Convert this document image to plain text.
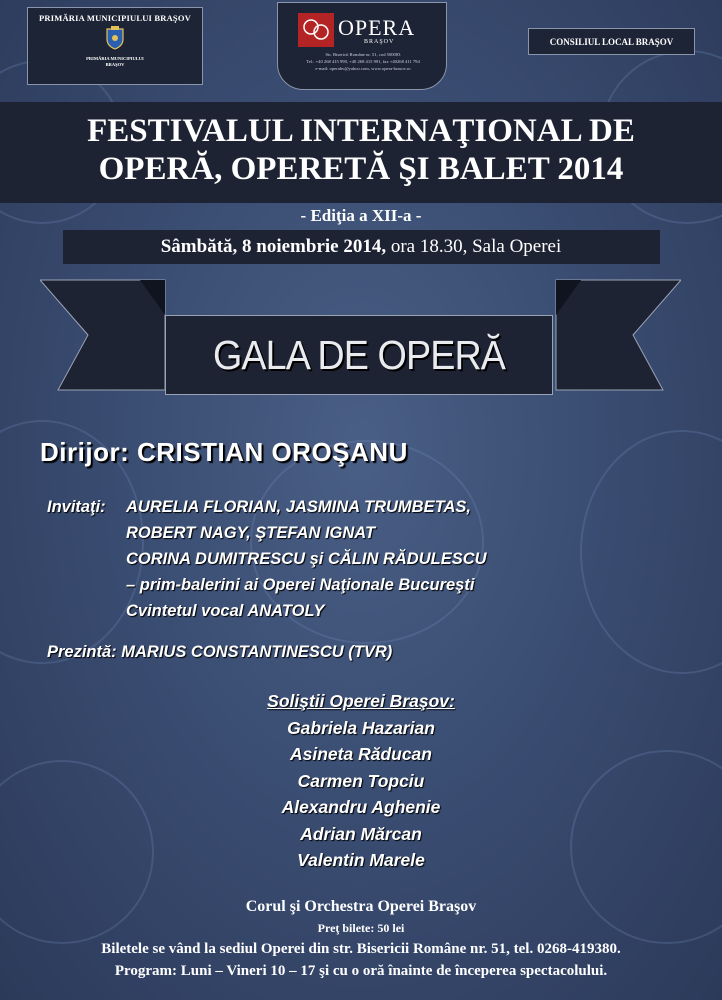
PRIMĂRIA MUNICIPIULUI BRAŞOV
PRIMĂRIA MUNICIPIULUI
BRAŞOV
OPERA
BRAŞOV
Str. Bisericii Române nr. 51, cod 500083
Tel.: +40 268 415 990, +40 268 415 991, fax +40268 411 794
e-mail: operabv@yahoo.com, www.opera-brasov.ro
CONSILIUL LOCAL BRAŞOV
FESTIVALUL INTERNAŢIONAL DE
OPERĂ, OPERETĂ ŞI BALET 2014
- Ediţia a XII-a -
Sâmbătă, 8 noiembrie 2014, ora 18.30, Sala Operei
GALA DE OPERĂ
Dirijor: CRISTIAN OROŞANU
Invitaţi: AURELIA FLORIAN, JASMINA TRUMBETAS,
ROBERT NAGY, ŞTEFAN IGNAT
CORINA DUMITRESCU şi CĂLIN RĂDULESCU
– prim-balerini ai Operei Naţionale Bucureşti
Cvintetul vocal ANATOLY
Prezintă: MARIUS CONSTANTINESCU (TVR)
Soliştii Operei Braşov:
Gabriela Hazarian
Asineta Răducan
Carmen Topciu
Alexandru Aghenie
Adrian Mărcan
Valentin Marele
Corul şi Orchestra Operei Braşov
Preţ bilete: 50 lei
Biletele se vând la sediul Operei din str. Bisericii Române nr. 51, tel. 0268-419380.
Program: Luni – Vineri 10 – 17 şi cu o oră înainte de începerea spectacolului.
